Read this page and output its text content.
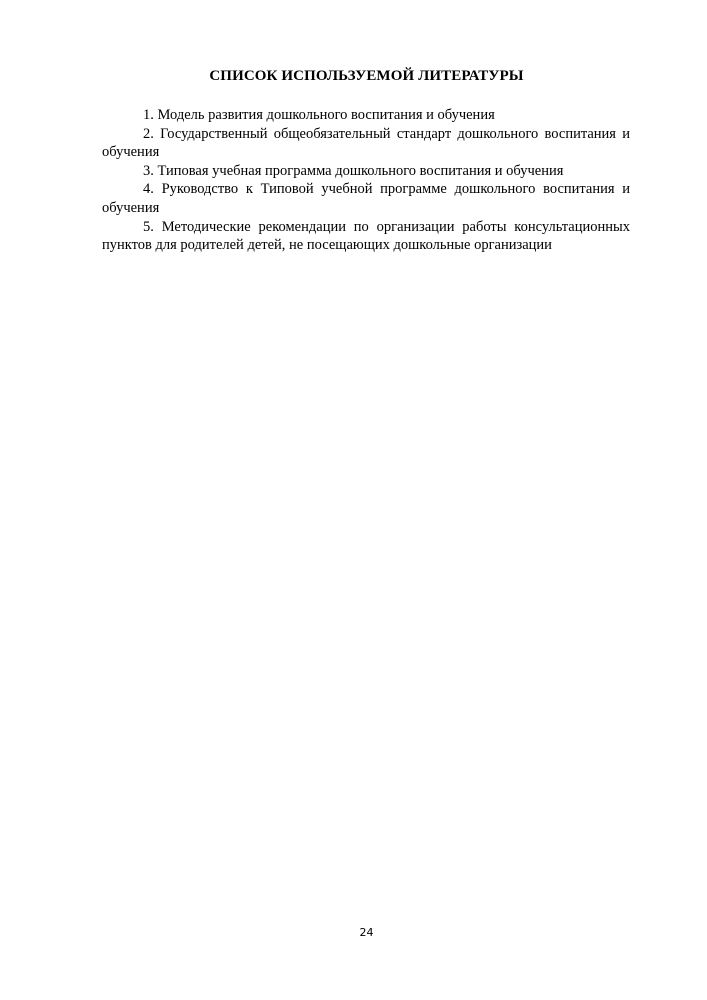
СПИСОК ИСПОЛЬЗУЕМОЙ ЛИТЕРАТУРЫ

1. Модель развития дошкольного воспитания и обучения

2. Государственный общеобязательный стандарт дошкольного воспитания и обучения

3. Типовая учебная программа дошкольного воспитания и обучения

4. Руководство к Типовой учебной программе дошкольного воспитания и обучения

5. Методические рекомендации по организации работы консультационных пунктов для родителей детей, не посещающих дошкольные организации

24
